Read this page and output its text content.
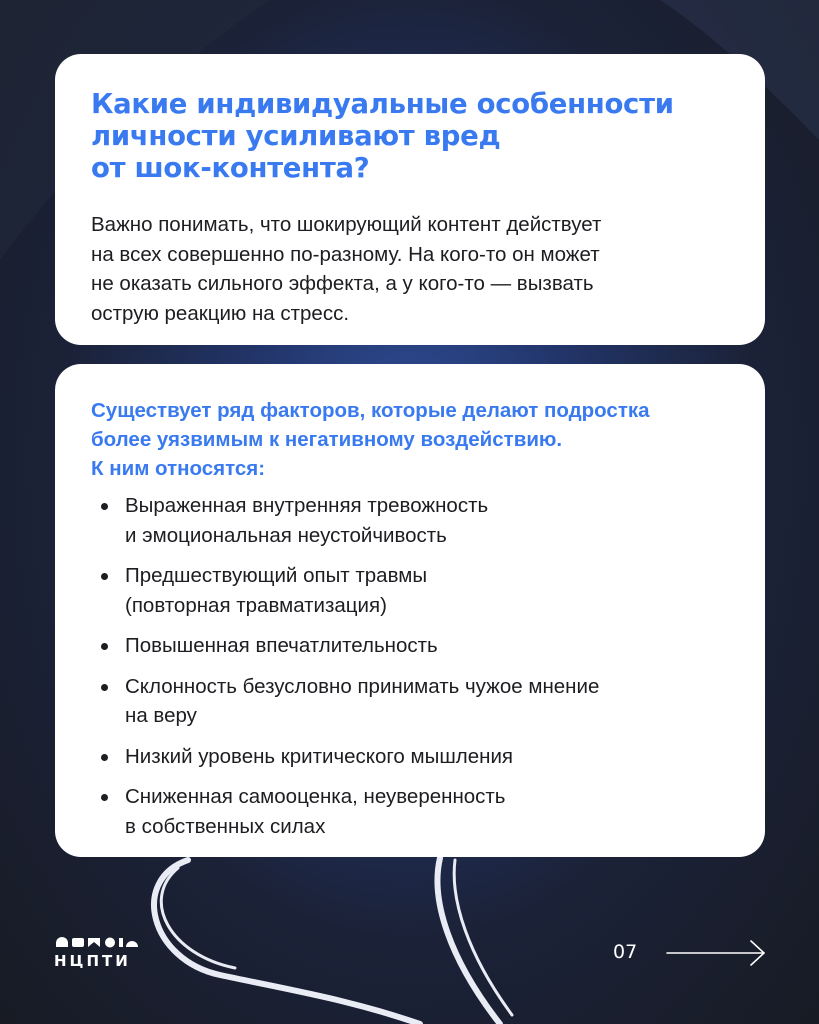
Какие индивидуальные особенности
личности усиливают вред
от шок-контента?

Важно понимать, что шокирующий контент действует
на всех совершенно по-разному. На кого-то он может
не оказать сильного эффекта, а у кого-то — вызвать
острую реакцию на стресс.

Существует ряд факторов, которые делают подростка
более уязвимым к негативному воздействию.
К ним относятся:

Выраженная внутренняя тревожность
и эмоциональная неустойчивость
Предшествующий опыт травмы
(повторная травматизация)
Повышенная впечатлительность
Склонность безусловно принимать чужое мнение
на веру
Низкий уровень критического мышления
Сниженная самооценка, неуверенность
в собственных силах
НЦПТИ	07
